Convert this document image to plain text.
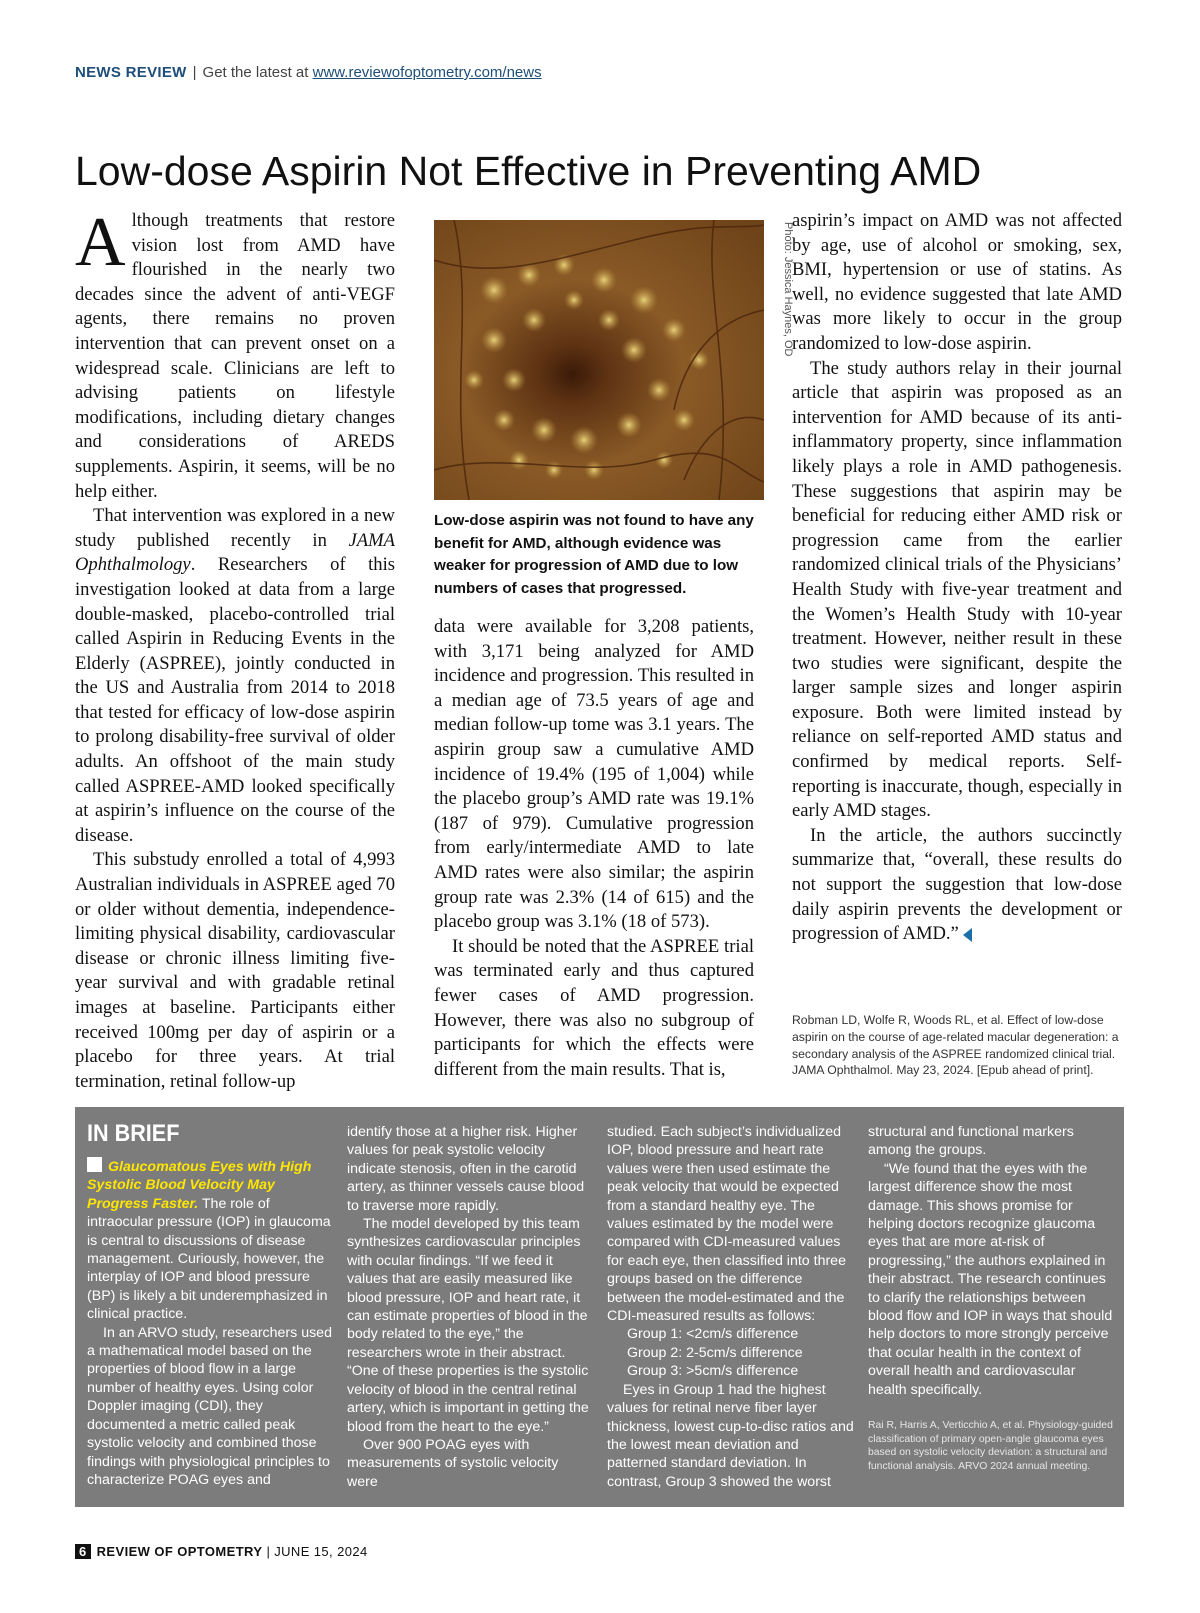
NEWS REVIEW | Get the latest at www.reviewofoptometry.com/news
Low-dose Aspirin Not Effective in Preventing AMD

Although treatments that restore vision lost from AMD have flourished in the nearly two decades since the advent of anti-VEGF agents, there remains no proven intervention that can prevent onset on a widespread scale. Clinicians are left to advising patients on lifestyle modifications, including dietary changes and considerations of AREDS supplements. Aspirin, it seems, will be no help either.

That intervention was explored in a new study published recently in JAMA Ophthalmology. Researchers of this investigation looked at data from a large double-masked, placebo-controlled trial called Aspirin in Reducing Events in the Elderly (ASPREE), jointly conducted in the US and Australia from 2014 to 2018 that tested for efficacy of low-dose aspirin to prolong disability-free survival of older adults. An offshoot of the main study called ASPREE-AMD looked specifically at aspirin’s influence on the course of the disease.

This substudy enrolled a total of 4,993 Australian individuals in ASPREE aged 70 or older without dementia, independence-limiting physical disability, cardiovascular disease or chronic illness limiting five-year survival and with gradable retinal images at baseline. Participants either received 100mg per day of aspirin or a placebo for three years. At trial termination, retinal follow-up

Photo: Jessica Haynes, OD

Low-dose aspirin was not found to have any benefit for AMD, although evidence was weaker for progression of AMD due to low numbers of cases that progressed.

data were available for 3,208 patients, with 3,171 being analyzed for AMD incidence and progression. This resulted in a median age of 73.5 years of age and median follow-up tome was 3.1 years. The aspirin group saw a cumulative AMD incidence of 19.4% (195 of 1,004) while the placebo group’s AMD rate was 19.1% (187 of 979). Cumulative progression from early/intermediate AMD to late AMD rates were also similar; the aspirin group rate was 2.3% (14 of 615) and the placebo group was 3.1% (18 of 573).

It should be noted that the ASPREE trial was terminated early and thus captured fewer cases of AMD progression. However, there was also no subgroup of participants for which the effects were different from the main results. That is,

aspirin’s impact on AMD was not affected by age, use of alcohol or smoking, sex, BMI, hypertension or use of statins. As well, no evidence suggested that late AMD was more likely to occur in the group randomized to low-dose aspirin.

The study authors relay in their journal article that aspirin was proposed as an intervention for AMD because of its anti-inflammatory property, since inflammation likely plays a role in AMD pathogenesis. These suggestions that aspirin may be beneficial for reducing either AMD risk or progression came from the earlier randomized clinical trials of the Physicians’ Health Study with five-year treatment and the Women’s Health Study with 10-year treatment. However, neither result in these two studies were significant, despite the larger sample sizes and longer aspirin exposure. Both were limited instead by reliance on self-reported AMD status and confirmed by medical reports. Self-reporting is inaccurate, though, especially in early AMD stages.

In the article, the authors succinctly summarize that, “overall, these results do not support the suggestion that low-dose daily aspirin prevents the development or progression of AMD.”

Robman LD, Wolfe R, Woods RL, et al. Effect of low-dose aspirin on the course of age-related macular degeneration: a secondary analysis of the ASPREE randomized clinical trial. JAMA Ophthalmol. May 23, 2024. [Epub ahead of print].

IN BRIEF

Glaucomatous Eyes with High Systolic Blood Velocity May Progress Faster. The role of intraocular pressure (IOP) in glaucoma is central to discussions of disease management. Curiously, however, the interplay of IOP and blood pressure (BP) is likely a bit underemphasized in clinical practice.

In an ARVO study, researchers used a mathematical model based on the properties of blood flow in a large number of healthy eyes. Using color Doppler imaging (CDI), they documented a metric called peak systolic velocity and combined those findings with physiological principles to characterize POAG eyes and

identify those at a higher risk. Higher values for peak systolic velocity indicate stenosis, often in the carotid artery, as thinner vessels cause blood to traverse more rapidly.

The model developed by this team synthesizes cardiovascular principles with ocular findings. “If we feed it values that are easily measured like blood pressure, IOP and heart rate, it can estimate properties of blood in the body related to the eye,” the researchers wrote in their abstract. “One of these properties is the systolic velocity of blood in the central retinal artery, which is important in getting the blood from the heart to the eye.”

Over 900 POAG eyes with measurements of systolic velocity were

studied. Each subject’s individualized IOP, blood pressure and heart rate values were then used estimate the peak velocity that would be expected from a standard healthy eye. The values estimated by the model were compared with CDI-measured values for each eye, then classified into three groups based on the difference between the model-estimated and the CDI-measured results as follows:

Group 1: <2cm/s difference

Group 2: 2-5cm/s difference

Group 3: >5cm/s difference

Eyes in Group 1 had the highest values for retinal nerve fiber layer thickness, lowest cup-to-disc ratios and the lowest mean deviation and patterned standard deviation. In contrast, Group 3 showed the worst

structural and functional markers among the groups.

“We found that the eyes with the largest difference show the most damage. This shows promise for helping doctors recognize glaucoma eyes that are more at-risk of progressing,” the authors explained in their abstract. The research continues to clarify the relationships between blood flow and IOP in ways that should help doctors to more strongly perceive that ocular health in the context of overall health and cardiovascular health specifically.

Rai R, Harris A, Verticchio A, et al. Physiology-guided classification of primary open-angle glaucoma eyes based on systolic velocity deviation: a structural and functional analysis. ARVO 2024 annual meeting.

6 REVIEW OF OPTOMETRY | JUNE 15, 2024
